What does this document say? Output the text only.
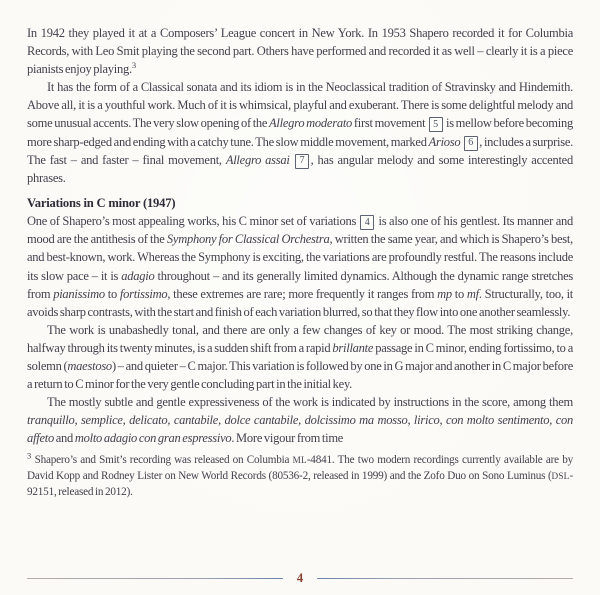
In 1942 they played it at a Composers’ League concert in New York. In 1953 Shapero recorded it for Columbia Records, with Leo Smit playing the second part. Others have performed and recorded it as well – clearly it is a piece pianists enjoy playing.$^3$

It has the form of a Classical sonata and its idiom is in the Neoclassical tradition of Stravinsky and Hindemith. Above all, it is a youthful work. Much of it is whimsical, playful and exuberant. There is some delightful melody and some unusual accents. The very slow opening of the Allegro moderato first movement 5 is mellow before becoming more sharp-edged and ending with a catchy tune. The slow middle movement, marked Arioso 6 , includes a surprise. The fast – and faster – final movement, Allegro assai 7 , has angular melody and some interestingly accented phrases.

Variations in C minor (1947)

One of Shapero’s most appealing works, his C minor set of variations 4 is also one of his gentlest. Its manner and mood are the antithesis of the Symphony for Classical Orchestra, written the same year, and which is Shapero’s best, and best-known, work. Whereas the Symphony is exciting, the variations are profoundly restful. The reasons include its slow pace – it is adagio throughout – and its generally limited dynamics. Although the dynamic range stretches from pianissimo to fortissimo, these extremes are rare; more frequently it ranges from mp to mf. Structurally, too, it avoids sharp contrasts, with the start and finish of each variation blurred, so that they flow into one another seamlessly.

The work is unabashedly tonal, and there are only a few changes of key or mood. The most striking change, halfway through its twenty minutes, is a sudden shift from a rapid brillante passage in C minor, ending fortissimo, to a solemn (maestoso) – and quieter – C major. This variation is followed by one in G major and another in C major before a return to C minor for the very gentle concluding part in the initial key.

The mostly subtle and gentle expressiveness of the work is indicated by instructions in the score, among them tranquillo, semplice, delicato, cantabile, dolce cantabile, dolcissimo ma mosso, lirico, con molto sentimento, con affeto and molto adagio con gran espressivo. More vigour from time

$^3$ Shapero’s and Smit’s recording was released on Columbia ML-4841. The two modern recordings currently available are by David Kopp and Rodney Lister on New World Records (80536-2, released in 1999) and the Zofo Duo on Sono Luminus (DSL-92151, released in 2012).
4
